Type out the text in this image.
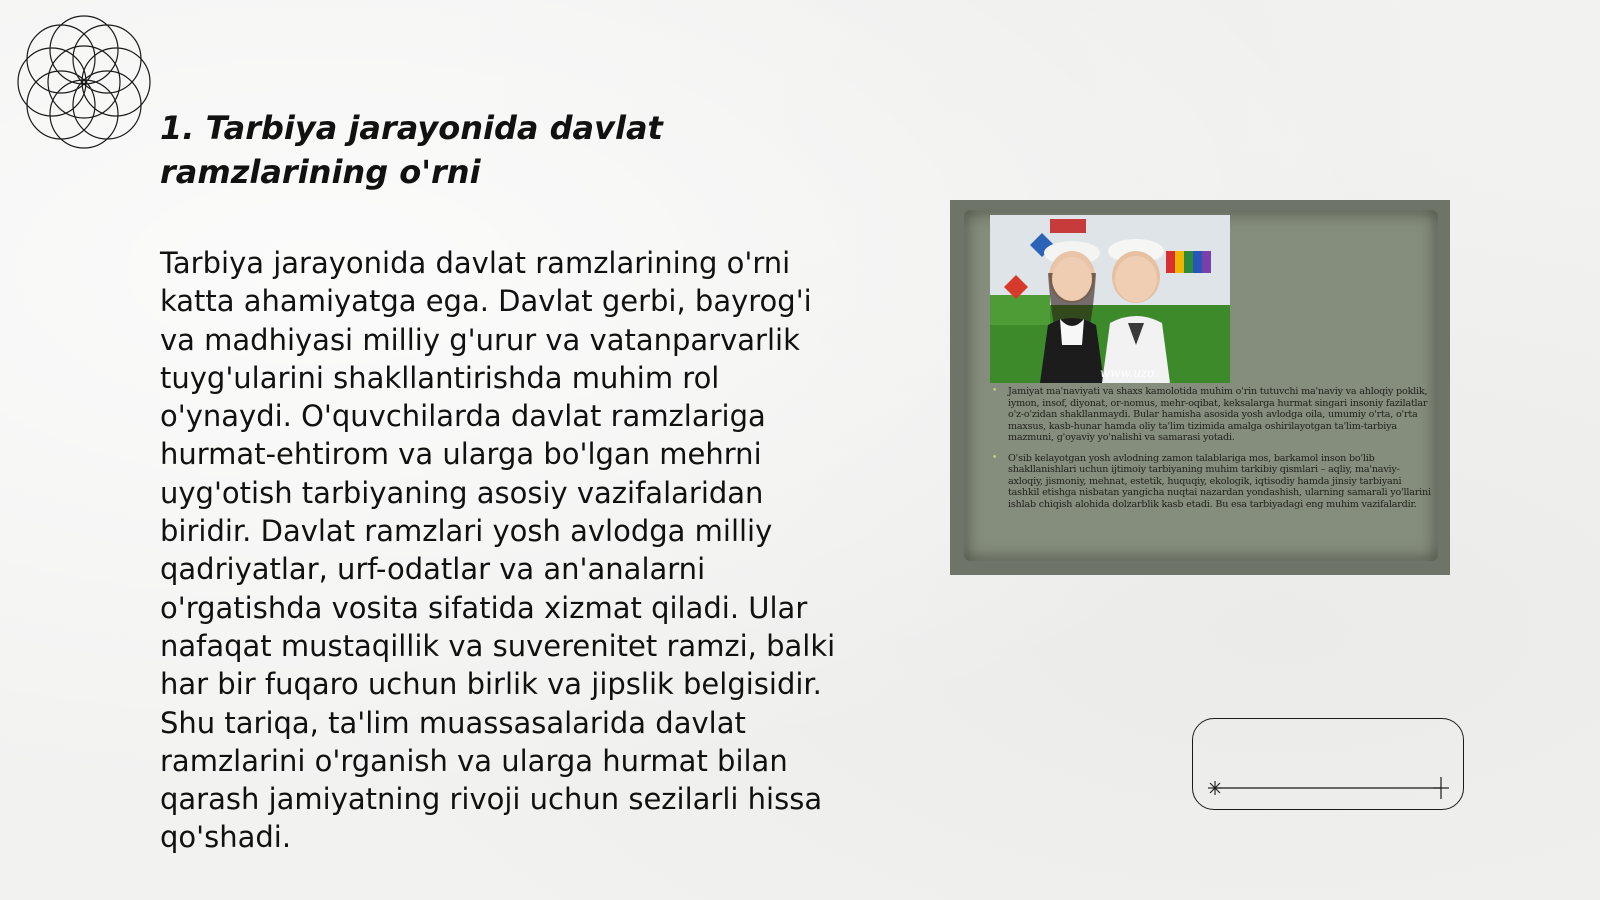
1. Tarbiya jarayonida davlat
ramzlarining o'rni

Tarbiya jarayonida davlat ramzlarining o'rni katta ahamiyatga ega. Davlat gerbi, bayrog'i va madhiyasi milliy g'urur va vatanparvarlik tuyg'ularini shakllantirishda muhim rol o'ynaydi. O'quvchilarda davlat ramzlariga hurmat-ehtirom va ularga bo'lgan mehrni uyg'otish tarbiyaning asosiy vazifalaridan biridir. Davlat ramzlari yosh avlodga milliy qadriyatlar, urf-odatlar va an'analarni o'rgatishda vosita sifatida xizmat qiladi. Ular nafaqat mustaqillik va suverenitet ramzi, balki har bir fuqaro uchun birlik va jipslik belgisidir. Shu tariqa, ta'lim muassasalarida davlat ramzlarini o'rganish va ularga hurmat bilan qarash jamiyatning rivoji uchun sezilarli hissa qo'shadi.

www.uzo.

• Jamiyat ma'naviyati va shaxs kamolotida muhim o'rin tutuvchi ma'naviy va ahloqiy poklik, iymon, insof, diyonat, or-nomus, mehr-oqibat, keksalarga hurmat singari insoniy fazilatlar o'z-o'zidan shakllanmaydi. Bular hamisha asosida yosh avlodga oila, umumiy o'rta, o'rta maxsus, kasb-hunar hamda oliy ta'lim tizimida amalga oshirilayotgan ta'lim-tarbiya mazmuni, g'oyaviy yo'nalishi va samarasi yotadi.

• O'sib kelayotgan yosh avlodning zamon talablariga mos, barkamol inson bo'lib shakllanishlari uchun ijtimoiy tarbiyaning muhim tarkibiy qismlari – aqliy, ma'naviy-axloqiy, jismoniy, mehnat, estetik, huquqiy, ekologik, iqtisodiy hamda jinsiy tarbiyani tashkil etishga nisbatan yangicha nuqtai nazardan yondashish, ularning samarali yo'llarini ishlab chiqish alohida dolzarblik kasb etadi. Bu esa tarbiyadagi eng muhim vazifalardir.
